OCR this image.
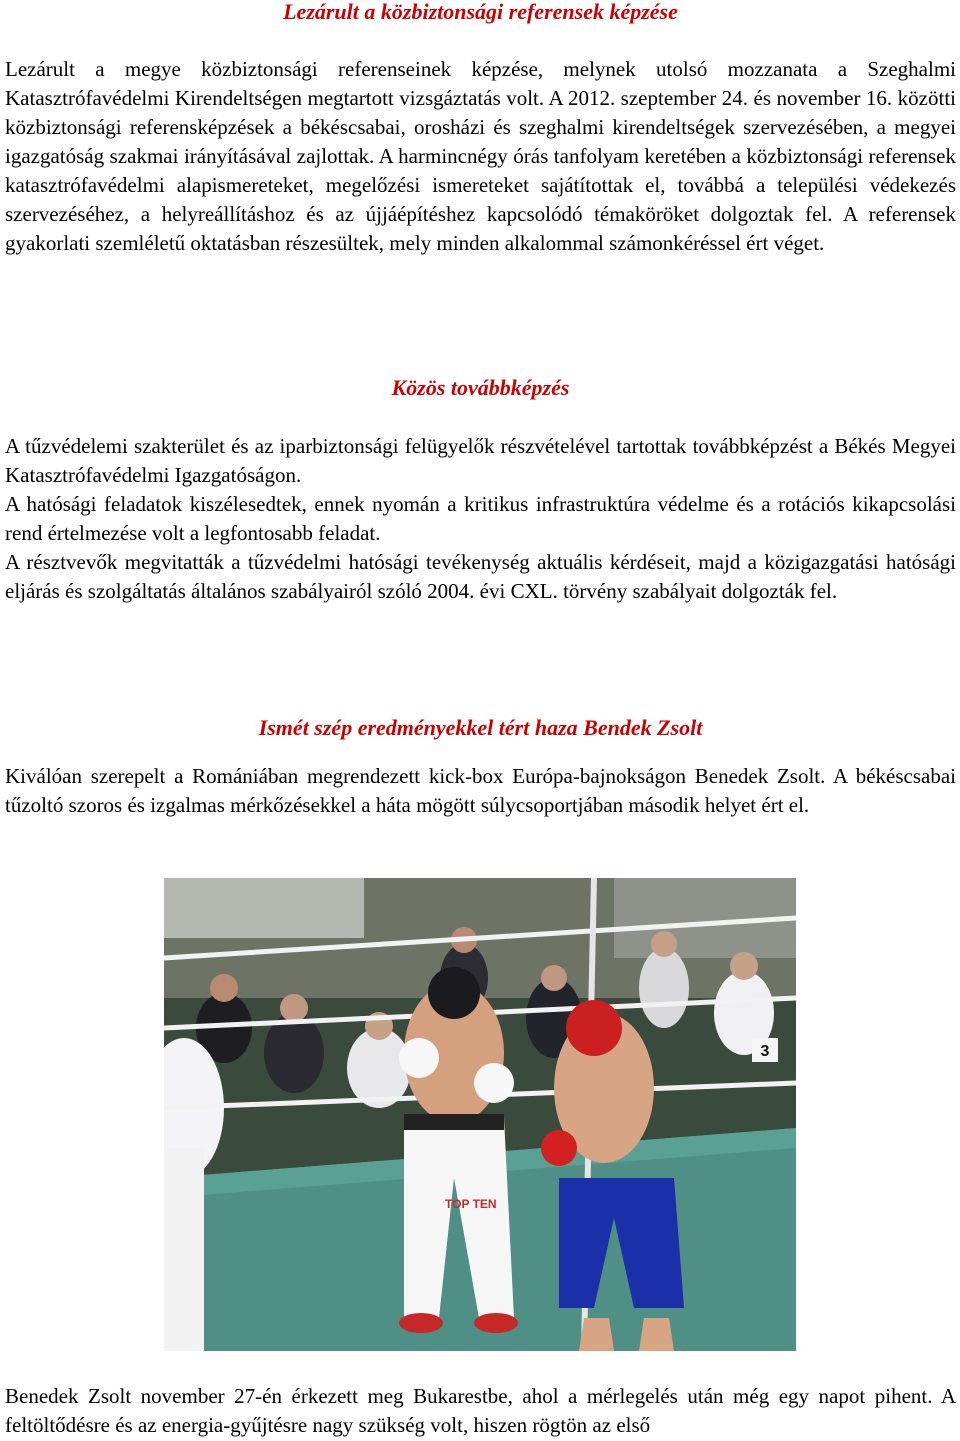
Lezárult a közbiztonsági referensek képzése

Lezárult a megye közbiztonsági referenseinek képzése, melynek utolsó mozzanata a Szeghalmi Katasztrófavédelmi Kirendeltségen megtartott vizsgáztatás volt. A 2012. szeptember 24. és november 16. közötti közbiztonsági referensképzések a békéscsabai, orosházi és szeghalmi kirendeltségek szervezésében, a megyei igazgatóság szakmai irányításával zajlottak. A harmincnégy órás tanfolyam keretében a közbiztonsági referensek katasztrófavédelmi alapismereteket, megelőzési ismereteket sajátítottak el, továbbá a települési védekezés szervezéséhez, a helyreállításhoz és az újjáépítéshez kapcsolódó témaköröket dolgoztak fel. A referensek gyakorlati szemléletű oktatásban részesültek, mely minden alkalommal számonkéréssel ért véget.

Közös továbbképzés

A tűzvédelemi szakterület és az iparbiztonsági felügyelők részvételével tartottak továbbképzést a Békés Megyei Katasztrófavédelmi Igazgatóságon.

A hatósági feladatok kiszélesedtek, ennek nyomán a kritikus infrastruktúra védelme és a rotációs kikapcsolási rend értelmezése volt a legfontosabb feladat.

A résztvevők megvitatták a tűzvédelmi hatósági tevékenység aktuális kérdéseit, majd a közigazgatási hatósági eljárás és szolgáltatás általános szabályairól szóló 2004. évi CXL. törvény szabályait dolgozták fel.

Ismét szép eredményekkel tért haza Bendek Zsolt

Kiválóan szerepelt a Romániában megrendezett kick-box Európa-bajnokságon Benedek Zsolt. A békéscsabai tűzoltó szoros és izgalmas mérkőzésekkel a háta mögött súlycsoportjában második helyet ért el.

Benedek Zsolt november 27-én érkezett meg Bukarestbe, ahol a mérlegelés után még egy napot pihent. A feltöltődésre és az energia-gyűjtésre nagy szükség volt, hiszen rögtön az első

3
TOP TEN
